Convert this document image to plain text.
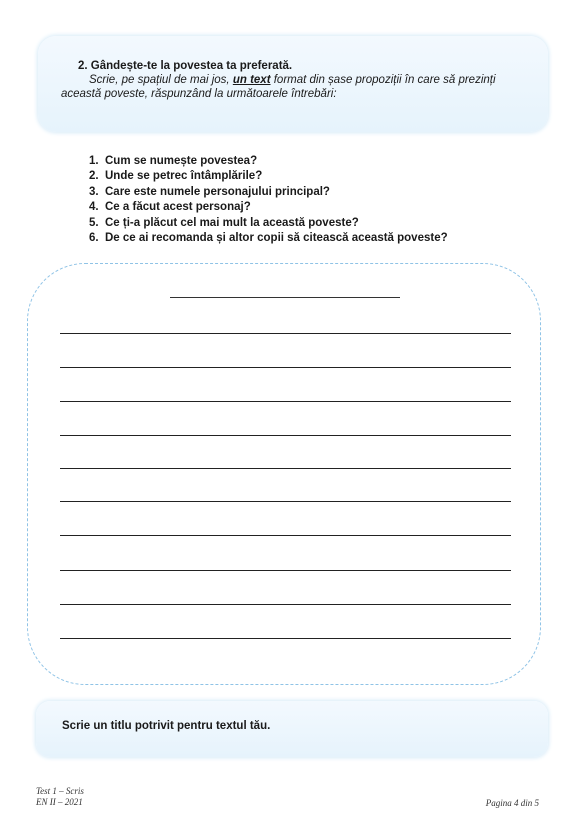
2. Gândește-te la povestea ta preferată.
Scrie, pe spațiul de mai jos, un text format din șase propoziții în care să prezinți această poveste, răspunzând la următoarele întrebări:
1. Cum se numește povestea?
2. Unde se petrec întâmplările?
3. Care este numele personajului principal?
4. Ce a făcut acest personaj?
5. Ce ți-a plăcut cel mai mult la această poveste?
6. De ce ai recomanda și altor copii să citească această poveste?
Scrie un titlu potrivit pentru textul tău.
Test 1 – Scris
EN II – 2021	Pagina 4 din 5
